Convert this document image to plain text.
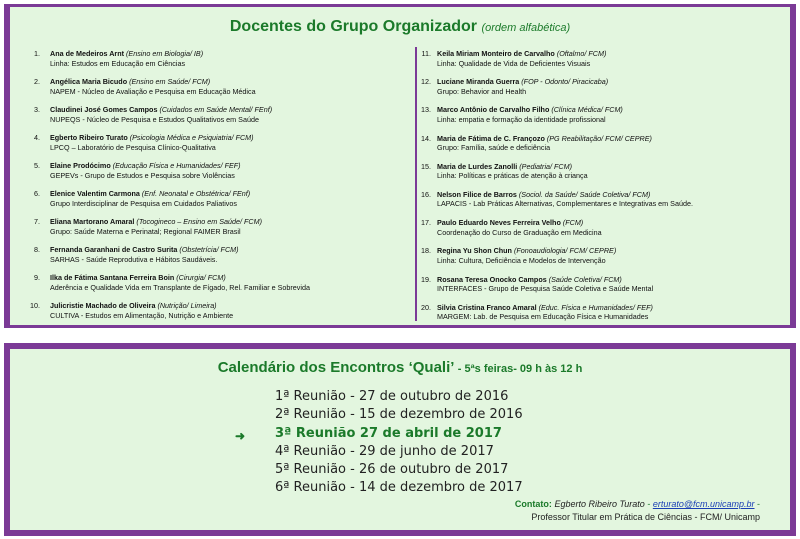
Docentes do Grupo Organizador (ordem alfabética)
1. Ana de Medeiros Arnt (Ensino em Biologia/ IB)
Linha: Estudos em Educação em Ciências
2. Angélica Maria Bicudo (Ensino em Saúde/ FCM)
NAPEM - Núcleo de Avaliação e Pesquisa em Educação Médica
3. Claudinei José Gomes Campos (Cuidados em Saúde Mental/ FEnf)
NUPEQS - Núcleo de Pesquisa e Estudos Qualitativos em Saúde
4. Egberto Ribeiro Turato (Psicologia Médica e Psiquiatria/ FCM)
LPCQ – Laboratório de Pesquisa Clínico-Qualitativa
5. Elaine Prodócimo (Educação Física e Humanidades/ FEF)
GEPEVs - Grupo de Estudos e Pesquisa sobre Violências
6. Elenice Valentim Carmona (Enf. Neonatal e Obstétrica/ FEnf)
Grupo Interdisciplinar de Pesquisa em Cuidados Paliativos
7. Eliana Martorano Amaral (Tocogineco – Ensino em Saúde/ FCM)
Grupo: Saúde Materna e Perinatal; Regional FAIMER Brasil
8. Fernanda Garanhani de Castro Surita (Obstetrícia/ FCM)
SARHAS - Saúde Reprodutiva e Hábitos Saudáveis.
9. Ilka de Fátima Santana Ferreira Boin (Cirurgia/ FCM)
Aderência e Qualidade Vida em Transplante de Fígado, Rel. Familiar e Sobrevida
10. Julicristie Machado de Oliveira (Nutrição/ Limeira)
CULTIVA - Estudos em Alimentação, Nutrição e Ambiente
11. Keila Miriam Monteiro de Carvalho (Oftalmo/ FCM)
Linha: Qualidade de Vida de Deficientes Visuais
12. Luciane Miranda Guerra (FOP - Odonto/ Piracicaba)
Grupo: Behavior and Health
13. Marco Antônio de Carvalho Filho (Clínica Médica/ FCM)
Linha: empatia e formação da identidade profissional
14. Maria de Fátima de C. Françozo (PG Reabilitação/ FCM/ CEPRE)
Grupo: Família, saúde e deficiência
15. Maria de Lurdes Zanolli (Pediatria/ FCM)
Linha: Políticas e práticas de atenção à criança
16. Nelson Filice de Barros (Sociol. da Saúde/ Saúde Coletiva/ FCM)
LAPACIS - Lab Práticas Alternativas, Complementares e Integrativas em Saúde.
17. Paulo Eduardo Neves Ferreira Velho (FCM)
Coordenação do Curso de Graduação em Medicina
18. Regina Yu Shon Chun (Fonoaudiologia/ FCM/ CEPRE)
Linha: Cultura, Deficiência e Modelos de Intervenção
19. Rosana Teresa Onocko Campos (Saúde Coletiva/ FCM)
INTERFACES - Grupo de Pesquisa Saúde Coletiva e Saúde Mental
20. Silvia Cristina Franco Amaral (Educ. Física e Humanidades/ FEF)
MARGEM: Lab. de Pesquisa em Educação Física e Humanidades
Calendário dos Encontros ‘Quali’ - 5ªs feiras- 09 h às 12 h
➜
1ª Reunião - 27 de outubro de 2016
2ª Reunião - 15 de dezembro de 2016
3ª Reunião 27 de abril de 2017
4ª Reunião - 29 de junho de 2017
5ª Reunião - 26 de outubro de 2017
6ª Reunião - 14 de dezembro de 2017
Contato: Egberto Ribeiro Turato - erturato@fcm.unicamp.br -
Professor Titular em Prática de Ciências - FCM/ Unicamp
